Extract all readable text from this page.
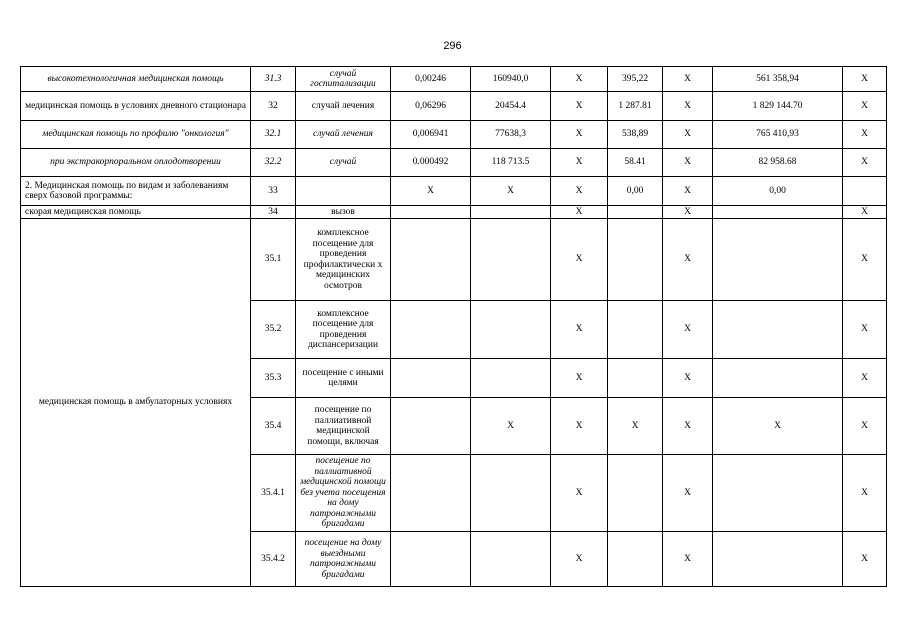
296
высокотехнологичная медицинская помощь	31.3	случай госпитализации	0,00246	160940,0	Х	395,22	Х	561 358,94	Х
медицинская помощь в условиях дневного стационара	32	случай лечения	0,06296	20454.4	Х	1 287.81	Х	1 829 144.70	Х
медицинская помощь по профилю "онкология"	32.1	случай лечения	0,006941	77638,3	Х	538,89	Х	765 410,93	Х
при экстракорпоральном оплодотворении	32.2	случай	0.000492	118 713.5	Х	58.41	Х	82 958.68	Х
2. Медицинская помощь по видам и заболеваниям сверх базовой программы:	33		Х	Х	Х	0,00	Х	0,00	
скорая медицинская помощь	34	вызов			Х		Х		Х
медицинская помощь в амбулаторных условиях	35.1	комплексное посещение для проведения профилактически х медицинских осмотров			Х		Х		Х
	35.2	комплексное посещение для проведения диспансеризации			Х		Х		Х
	35.3	посещение с иными целями			Х		Х		Х
	35.4	посещение по паллиативной медицинской помощи, включая		Х	Х	Х	Х	Х	Х
	35.4.1	посещение по паллиативной медицинской помощи без учета посещения на дому патронажными бригадами			Х		Х		Х
	35.4.2	посещение на дому выездными патронажными бригадами			Х		Х		Х
